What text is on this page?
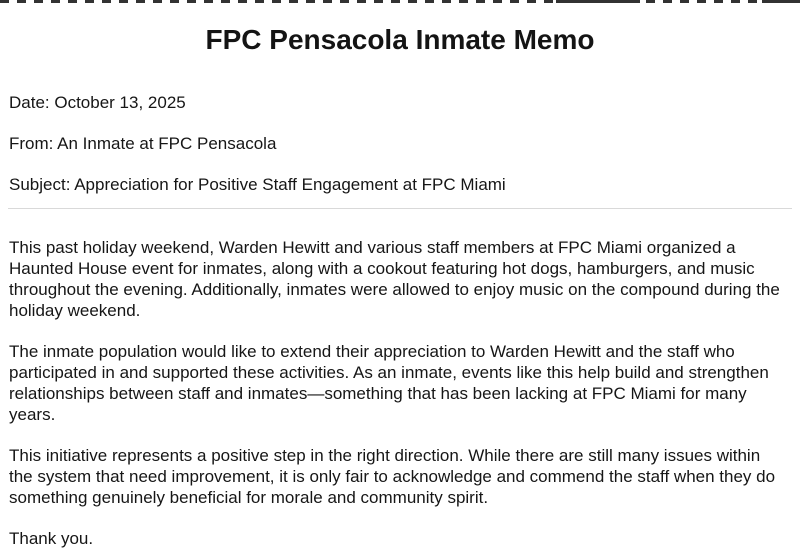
FPC Pensacola Inmate Memo
Date: October 13, 2025
From: An Inmate at FPC Pensacola
Subject: Appreciation for Positive Staff Engagement at FPC Miami
This past holiday weekend, Warden Hewitt and various staff members at FPC Miami organized a
Haunted House event for inmates, along with a cookout featuring hot dogs, hamburgers, and music
throughout the evening. Additionally, inmates were allowed to enjoy music on the compound during the
holiday weekend.
The inmate population would like to extend their appreciation to Warden Hewitt and the staff who
participated in and supported these activities. As an inmate, events like this help build and strengthen
relationships between staff and inmates—something that has been lacking at FPC Miami for many
years.
This initiative represents a positive step in the right direction. While there are still many issues within
the system that need improvement, it is only fair to acknowledge and commend the staff when they do
something genuinely beneficial for morale and community spirit.
Thank you.
